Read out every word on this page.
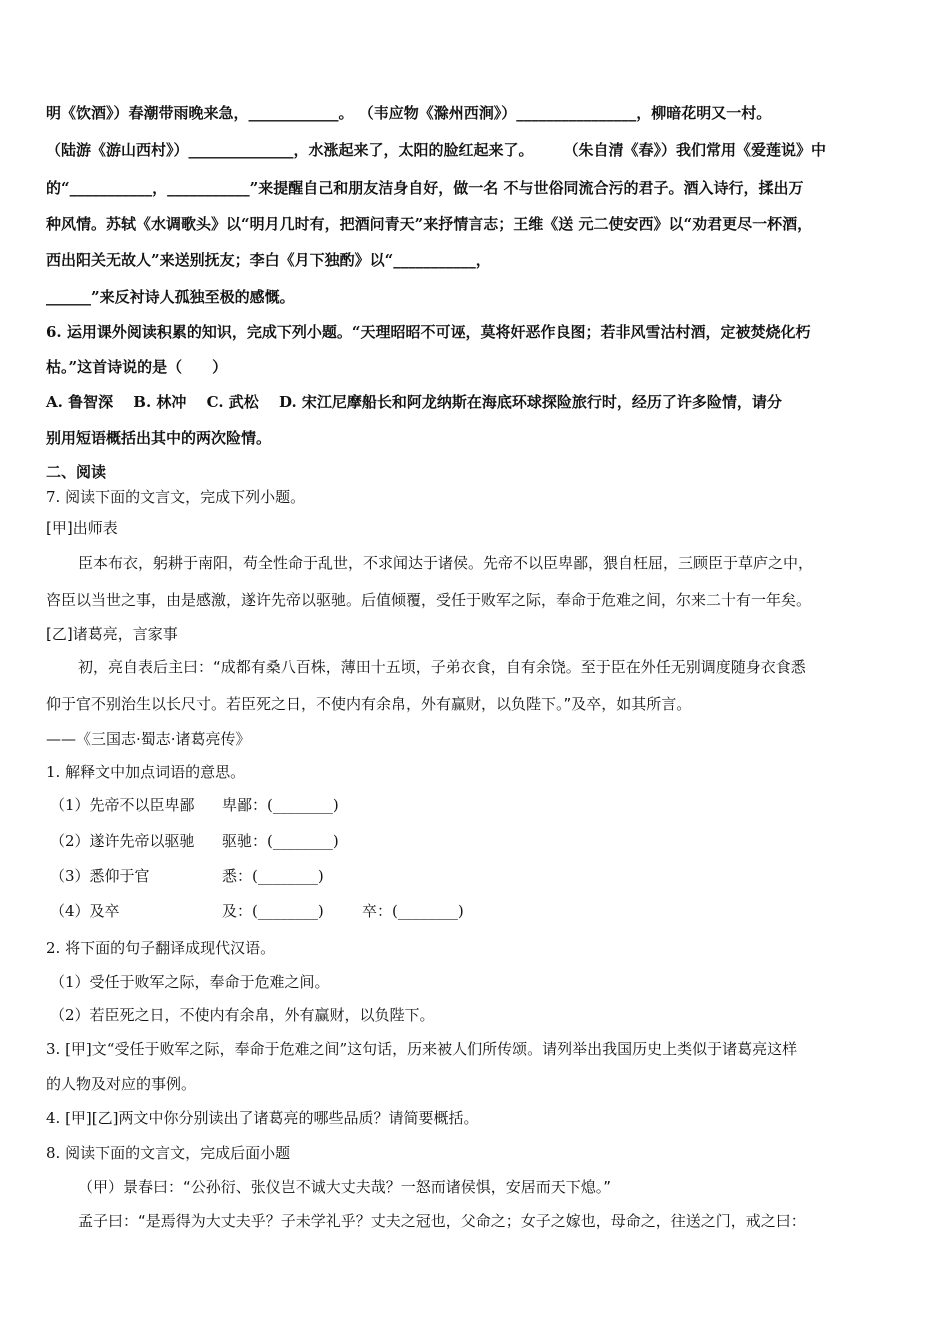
明《饮酒》）春潮带雨晚来急，____________。 （韦应物《滁州西涧》）________________，柳暗花明又一村。
（陆游《游山西村》）______________，水涨起来了，太阳的脸红起来了。　　　（朱自清《春》）我们常用《爱莲说》中
的“___________，___________”来提醒自己和朋友洁身自好，做一名 不与世俗同流合污的君子。酒入诗行，揉出万
种风情。苏轼《水调歌头》以“明月几时有，把酒问青天”来抒情言志；王维《送 元二使安西》以“劝君更尽一杯酒，
西出阳关无故人”来送别抚友；李白《月下独酌》以“___________，
______”来反衬诗人孤独至极的感慨。
6. 运用课外阅读积累的知识，完成下列小题。“天理昭昭不可诬，莫将奸恶作良图；若非风雪沽村酒，定被焚烧化朽
枯。”这首诗说的是（　　）
A. 鲁智深　 B. 林冲　 C. 武松　 D. 宋江尼摩船长和阿龙纳斯在海底环球探险旅行时，经历了许多险情，请分
别用短语概括出其中的两次险情。
二、阅读
7. 阅读下面的文言文，完成下列小题。
[甲]出师表
臣本布衣，躬耕于南阳，苟全性命于乱世，不求闻达于诸侯。先帝不以臣卑鄙，猥自枉屈，三顾臣于草庐之中，
咨臣以当世之事，由是感激，遂许先帝以驱驰。后值倾覆，受任于败军之际，奉命于危难之间，尔来二十有一年矣。
[乙]诸葛亮，言家事
初，亮自表后主曰：“成都有桑八百株，薄田十五顷，子弟衣食，自有余饶。至于臣在外任无别调度随身衣食悉
仰于官不别治生以长尺寸。若臣死之日，不使内有余帛，外有赢财，以负陛下。”及卒，如其所言。
——《三国志·蜀志·诸葛亮传》
1. 解释文中加点词语的意思。
（1）先帝不以臣卑鄙 卑鄙：(________)
（2）遂许先帝以驱驰 驱驰：(________)
（3）悉仰于官	悉：(________)
（4）及卒	及：(________)	卒：(________)
2. 将下面的句子翻译成现代汉语。
（1）受任于败军之际，奉命于危难之间。
（2）若臣死之日，不使内有余帛，外有赢财，以负陛下。
3. [甲]文“受任于败军之际，奉命于危难之间”这句话，历来被人们所传颂。请列举出我国历史上类似于诸葛亮这样
的人物及对应的事例。
4. [甲][乙]两文中你分别读出了诸葛亮的哪些品质？请简要概括。
8. 阅读下面的文言文，完成后面小题
（甲）景春曰：“公孙衍、张仪岂不诚大丈夫哉？一怒而诸侯惧，安居而天下熄。”
孟子曰：“是焉得为大丈夫乎？子未学礼乎？丈夫之冠也，父命之；女子之嫁也，母命之，往送之门，戒之曰：
